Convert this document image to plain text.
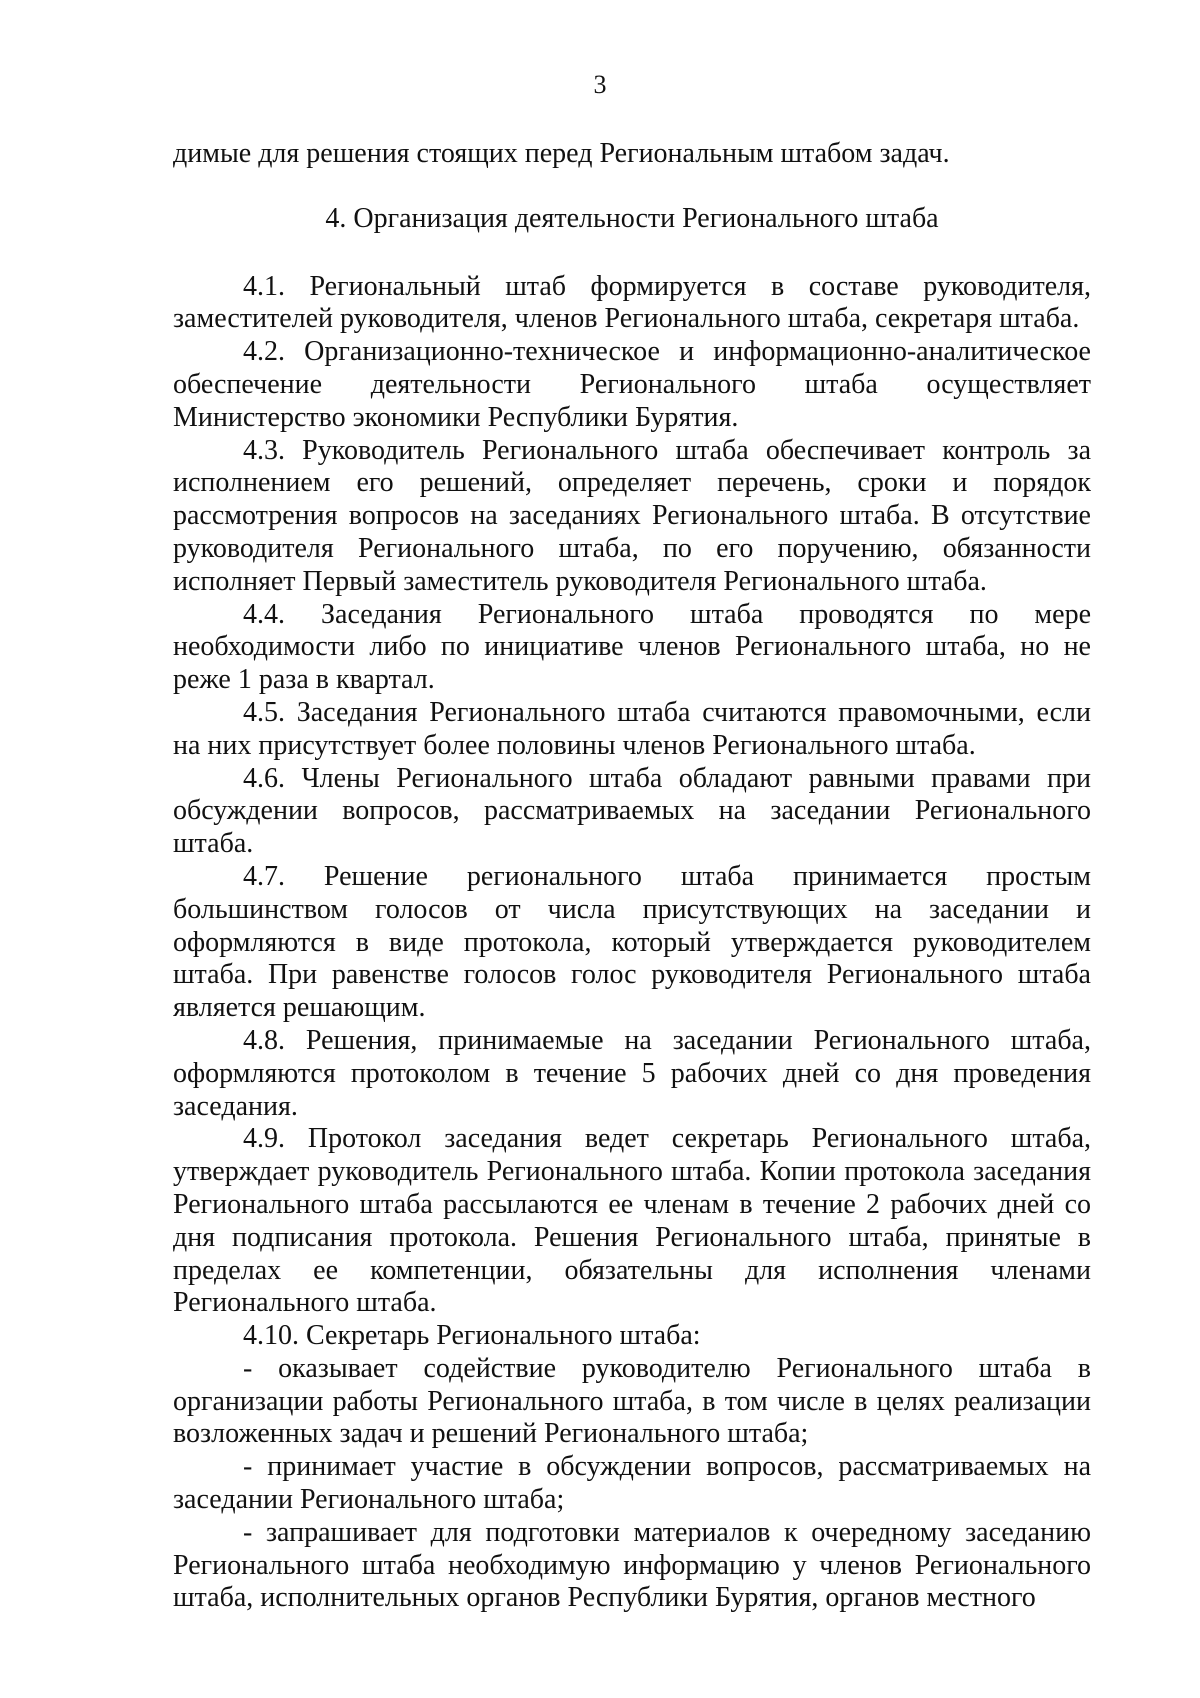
3

димые для решения стоящих перед Региональным штабом задач.

4. Организация деятельности Регионального штаба

4.1. Региональный штаб формируется в составе руководителя, заместителей руководителя, членов Регионального штаба, секретаря штаба.

4.2. Организационно-техническое и информационно-аналитическое обеспечение деятельности Регионального штаба осуществляет Министерство экономики Республики Бурятия.

4.3. Руководитель Регионального штаба обеспечивает контроль за исполнением его решений, определяет перечень, сроки и порядок рассмотрения вопросов на заседаниях Регионального штаба. В отсутствие руководителя Регионального штаба, по его поручению, обязанности исполняет Первый заместитель руководителя Регионального штаба.

4.4. Заседания Регионального штаба проводятся по мере необходимости либо по инициативе членов Регионального штаба, но не реже 1 раза в квартал.

4.5. Заседания Регионального штаба считаются правомочными, если на них присутствует более половины членов Регионального штаба.

4.6. Члены Регионального штаба обладают равными правами при обсуждении вопросов, рассматриваемых на заседании Регионального штаба.

4.7. Решение регионального штаба принимается простым большинством голосов от числа присутствующих на заседании и оформляются в виде протокола, который утверждается руководителем штаба. При равенстве голосов голос руководителя Регионального штаба является решающим.

4.8. Решения, принимаемые на заседании Регионального штаба, оформляются протоколом в течение 5 рабочих дней со дня проведения заседания.

4.9. Протокол заседания ведет секретарь Регионального штаба, утверждает руководитель Регионального штаба. Копии протокола заседания Регионального штаба рассылаются ее членам в течение 2 рабочих дней со дня подписания протокола. Решения Регионального штаба, принятые в пределах ее компетенции, обязательны для исполнения членами Регионального штаба.

4.10. Секретарь Регионального штаба:

- оказывает содействие руководителю Регионального штаба в организации работы Регионального штаба, в том числе в целях реализации возложенных задач и решений Регионального штаба;

- принимает участие в обсуждении вопросов, рассматриваемых на заседании Регионального штаба;

- запрашивает для подготовки материалов к очередному заседанию Регионального штаба необходимую информацию у членов Регионального штаба, исполнительных органов Республики Бурятия, органов местного
